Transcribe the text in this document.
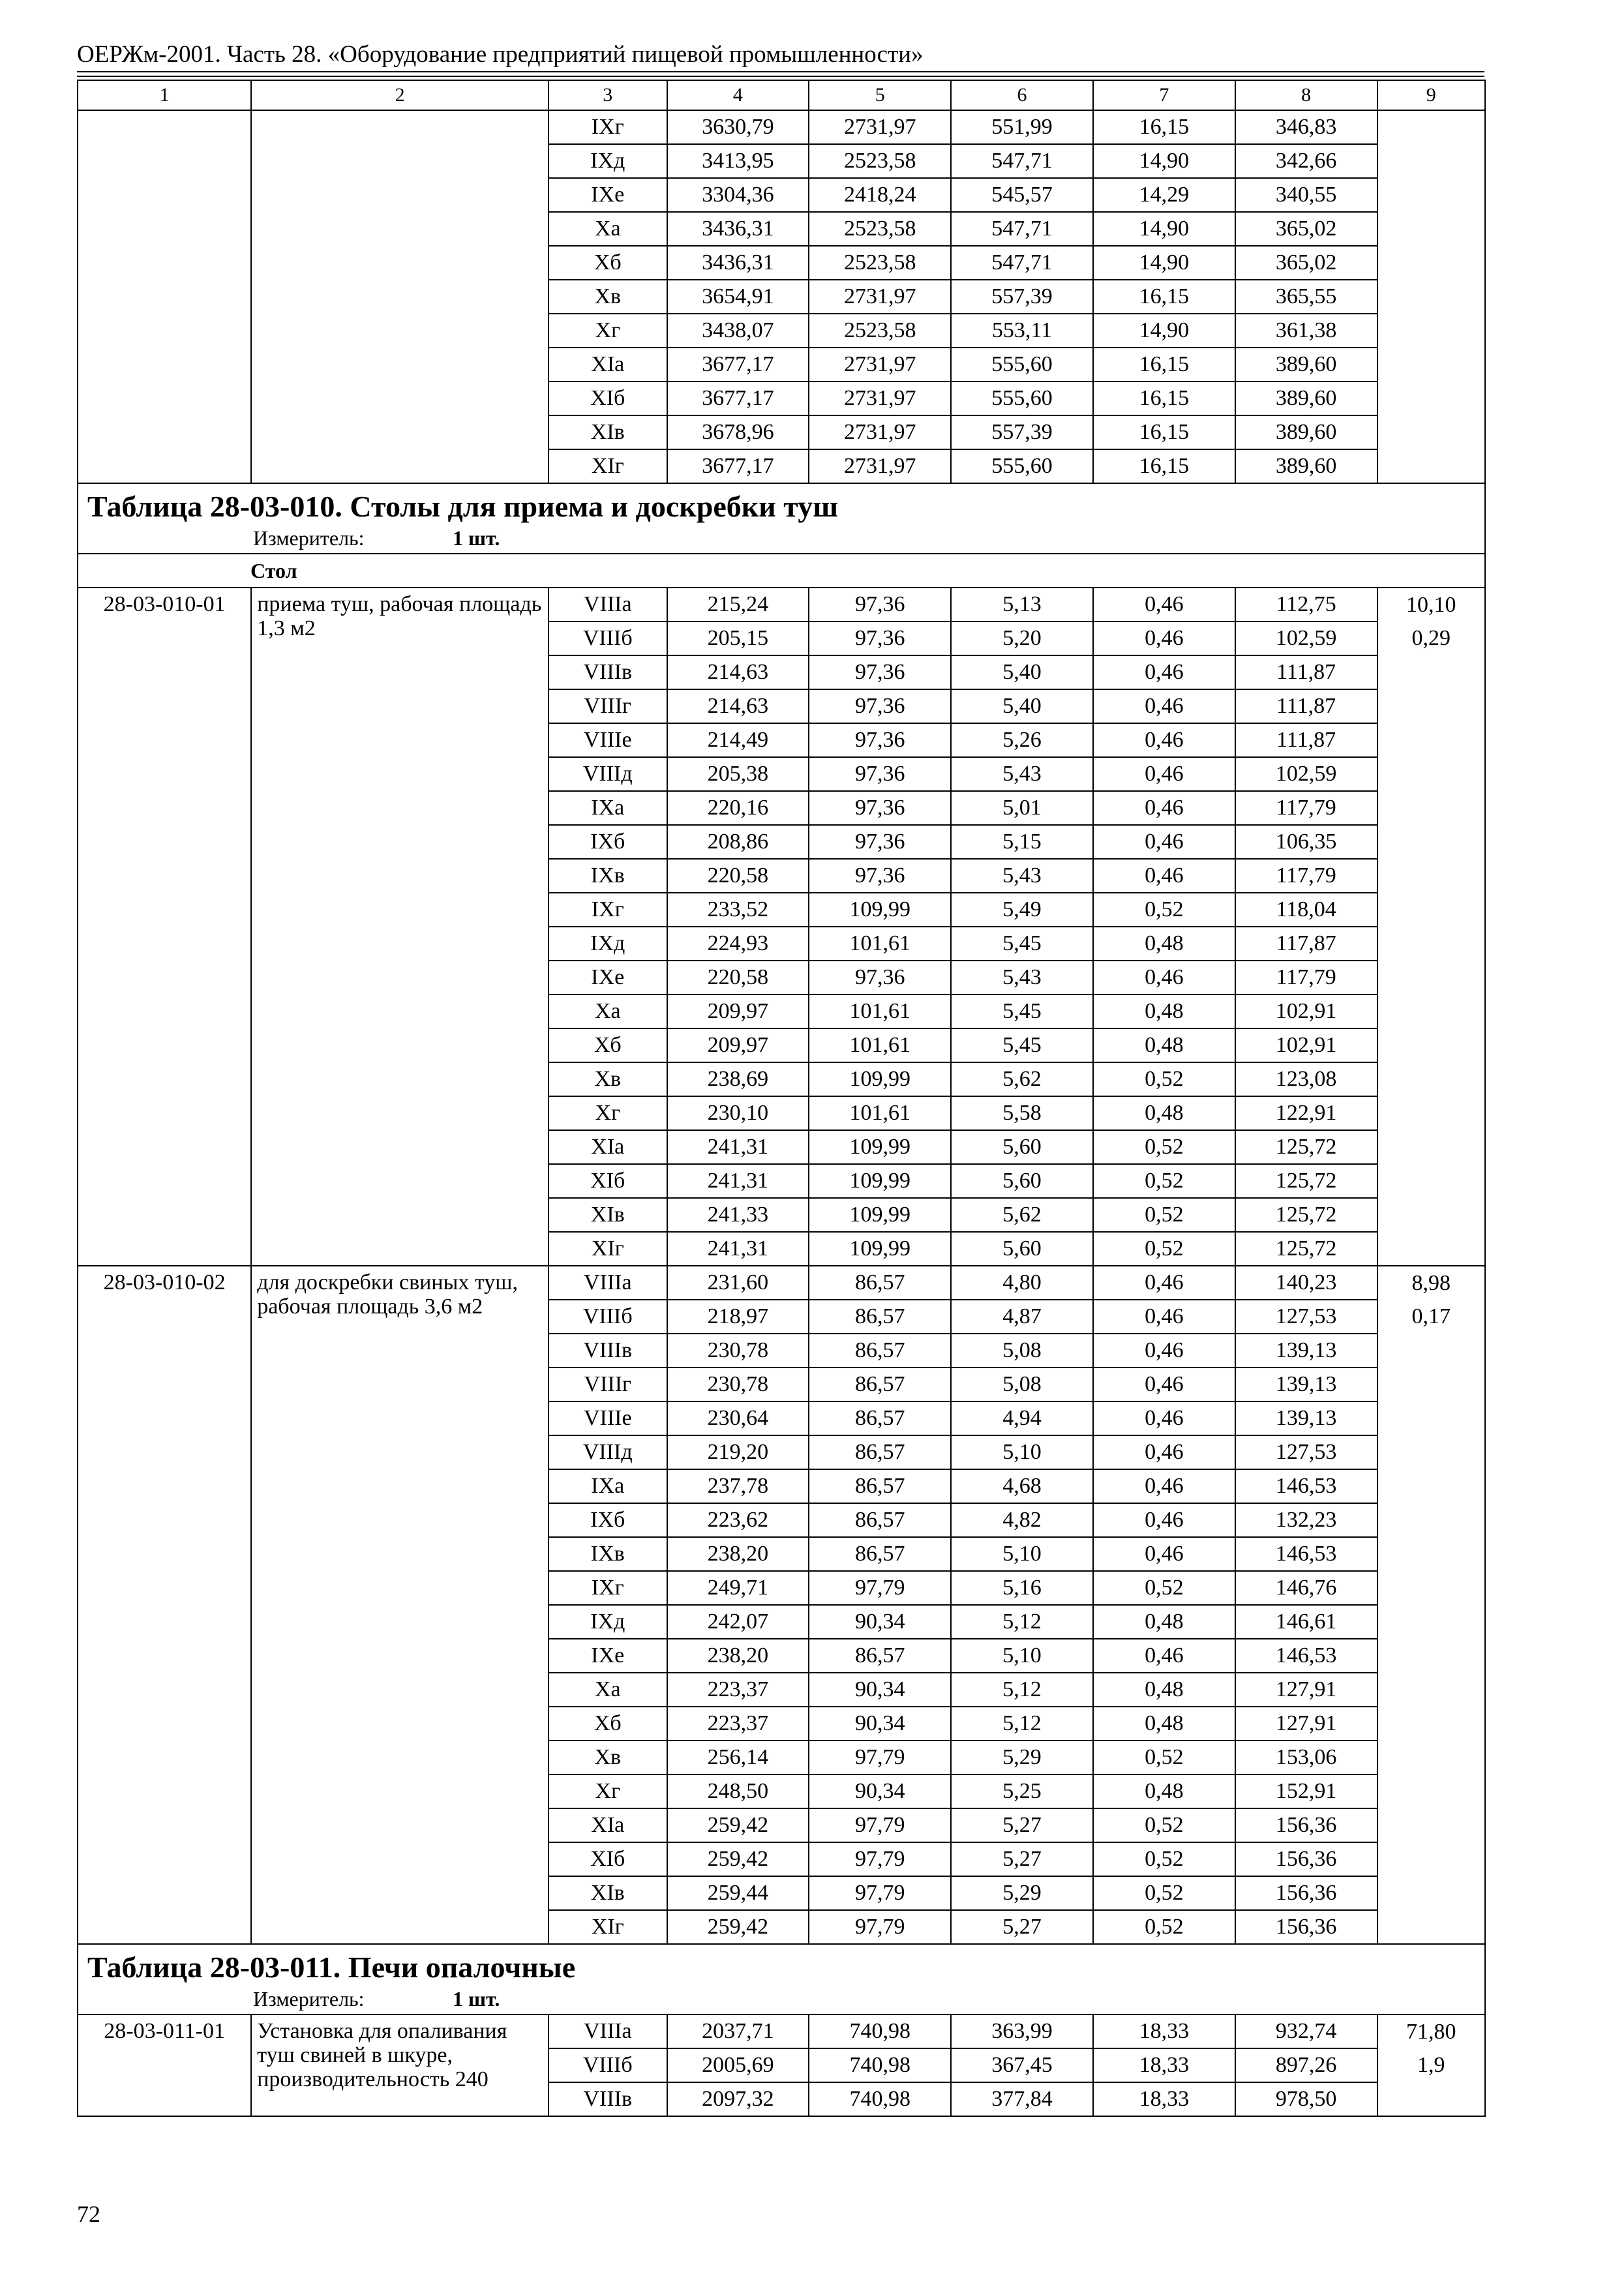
ОЕРЖм-2001. Часть 28. «Оборудование предприятий пищевой промышленности»
1	2	3	4	5	6	7	8	9
		IXг	3630,79	2731,97	551,99	16,15	346,83	
		IXд	3413,95	2523,58	547,71	14,90	342,66	
		IXе	3304,36	2418,24	545,57	14,29	340,55	
		Xа	3436,31	2523,58	547,71	14,90	365,02	
		Xб	3436,31	2523,58	547,71	14,90	365,02	
		Xв	3654,91	2731,97	557,39	16,15	365,55	
		Xг	3438,07	2523,58	553,11	14,90	361,38	
		XIа	3677,17	2731,97	555,60	16,15	389,60	
		XIб	3677,17	2731,97	555,60	16,15	389,60	
		XIв	3678,96	2731,97	557,39	16,15	389,60	
		XIг	3677,17	2731,97	555,60	16,15	389,60	

Таблица 28-03-010. Столы для приема и доскребки туш
Измеритель: 1 шт.								

Стол								
28-03-010-01	приема туш, рабочая площадь 1,3 м2	VIIIа	215,24	97,36	5,13	0,46	112,75	10,10
		VIIIб	205,15	97,36	5,20	0,46	102,59	0,29
		VIIIв	214,63	97,36	5,40	0,46	111,87	
		VIIIг	214,63	97,36	5,40	0,46	111,87	
		VIIIе	214,49	97,36	5,26	0,46	111,87	
		VIIIд	205,38	97,36	5,43	0,46	102,59	
		IXа	220,16	97,36	5,01	0,46	117,79	
		IXб	208,86	97,36	5,15	0,46	106,35	
		IXв	220,58	97,36	5,43	0,46	117,79	
		IXг	233,52	109,99	5,49	0,52	118,04	
		IXд	224,93	101,61	5,45	0,48	117,87	
		IXе	220,58	97,36	5,43	0,46	117,79	
		Xа	209,97	101,61	5,45	0,48	102,91	
		Xб	209,97	101,61	5,45	0,48	102,91	
		Xв	238,69	109,99	5,62	0,52	123,08	
		Xг	230,10	101,61	5,58	0,48	122,91	
		XIа	241,31	109,99	5,60	0,52	125,72	
		XIб	241,31	109,99	5,60	0,52	125,72	
		XIв	241,33	109,99	5,62	0,52	125,72	
		XIг	241,31	109,99	5,60	0,52	125,72	
28-03-010-02	для доскребки свиных туш, рабочая площадь 3,6 м2	VIIIа	231,60	86,57	4,80	0,46	140,23	8,98
		VIIIб	218,97	86,57	4,87	0,46	127,53	0,17
		VIIIв	230,78	86,57	5,08	0,46	139,13	
		VIIIг	230,78	86,57	5,08	0,46	139,13	
		VIIIе	230,64	86,57	4,94	0,46	139,13	
		VIIIд	219,20	86,57	5,10	0,46	127,53	
		IXа	237,78	86,57	4,68	0,46	146,53	
		IXб	223,62	86,57	4,82	0,46	132,23	
		IXв	238,20	86,57	5,10	0,46	146,53	
		IXг	249,71	97,79	5,16	0,52	146,76	
		IXд	242,07	90,34	5,12	0,48	146,61	
		IXе	238,20	86,57	5,10	0,46	146,53	
		Xа	223,37	90,34	5,12	0,48	127,91	
		Xб	223,37	90,34	5,12	0,48	127,91	
		Xв	256,14	97,79	5,29	0,52	153,06	
		Xг	248,50	90,34	5,25	0,48	152,91	
		XIа	259,42	97,79	5,27	0,52	156,36	
		XIб	259,42	97,79	5,27	0,52	156,36	
		XIв	259,44	97,79	5,29	0,52	156,36	
		XIг	259,42	97,79	5,27	0,52	156,36	

Таблица 28-03-011. Печи опалочные
Измеритель: 1 шт.								

28-03-011-01	Установка для опаливания туш свиней в шкуре, производительность 240	VIIIа	2037,71	740,98	363,99	18,33	932,74	71,80
		VIIIб	2005,69	740,98	367,45	18,33	897,26	1,9
		VIIIв	2097,32	740,98	377,84	18,33	978,50	
72
